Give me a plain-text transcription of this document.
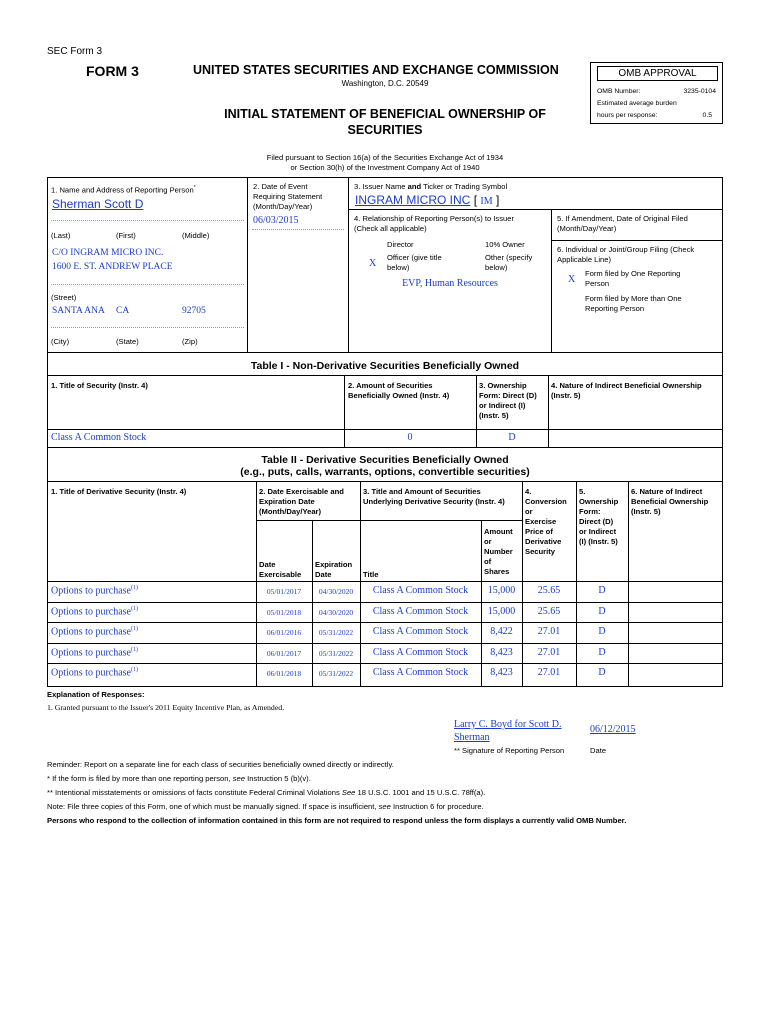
SEC Form 3
FORM 3	UNITED STATES SECURITIES AND EXCHANGE COMMISSION
Washington, D.C. 20549
INITIAL STATEMENT OF BENEFICIAL OWNERSHIP OF
SECURITIES
OMB APPROVAL
OMB Number:	3235-0104
Estimated average burden
hours per response:	0.5
Filed pursuant to Section 16(a) of the Securities Exchange Act of 1934
or Section 30(h) of the Investment Company Act of 1940
1. Name and Address of Reporting Person*
Sherman Scott D
(Last)	(First)	(Middle)
C/O INGRAM MICRO INC.
1600 E. ST. ANDREW PLACE
(Street)
SANTA ANA CA	92705
(City)	(State)	(Zip)
2. Date of Event
Requiring Statement
(Month/Day/Year)
06/03/2015
3. Issuer Name and Ticker or Trading Symbol
INGRAM MICRO INC [ IM ]
4. Relationship of Reporting Person(s) to Issuer
(Check all applicable)
Director	10% Owner
X
Officer (give title
below)
Other (specify
below)
EVP, Human Resources
5. If Amendment, Date of Original Filed
(Month/Day/Year)
6. Individual or Joint/Group Filing (Check
Applicable Line)
X
Form filed by One Reporting
Person
Form filed by More than One
Reporting Person
Table I - Non-Derivative Securities Beneficially Owned
1. Title of Security (Instr. 4)	2. Amount of Securities
Beneficially Owned (Instr. 4)
3. Ownership
Form: Direct (D)
or Indirect (I)
(Instr. 5)
4. Nature of Indirect Beneficial Ownership
(Instr. 5)
Class A Common Stock	0	D
Table II - Derivative Securities Beneficially Owned
(e.g., puts, calls, warrants, options, convertible securities)
1. Title of Derivative Security (Instr. 4)	2. Date Exercisable and
Expiration Date
(Month/Day/Year)
3. Title and Amount of Securities
Underlying Derivative Security (Instr. 4)
4.
Conversion
or
Exercise
Price of
Derivative
Security
5.
Ownership
Form:
Direct (D)
or Indirect
(I) (Instr. 5)
6. Nature of Indirect
Beneficial Ownership
(Instr. 5)
Date
Exercisable
Expiration
Date	Title
Amount
or
Number
of
Shares
Options to purchase$^{(1)}$	05/01/2017	04/30/2020	Class A Common Stock	15,000	25.65	D
Options to purchase$^{(1)}$	05/01/2018	04/30/2020	Class A Common Stock	15,000	25.65	D
Options to purchase$^{(1)}$	06/01/2016	05/31/2022	Class A Common Stock	8,422	27.01	D
Options to purchase$^{(1)}$	06/01/2017	05/31/2022	Class A Common Stock	8,423	27.01	D
Options to purchase$^{(1)}$	06/01/2018	05/31/2022	Class A Common Stock	8,423	27.01	D
Explanation of Responses:
1. Granted pursuant to the Issuer's 2011 Equity Incentive Plan, as Amended.
Larry C. Boyd for Scott D.
Sherman
06/12/2015
** Signature of Reporting Person	Date
Reminder: Report on a separate line for each class of securities beneficially owned directly or indirectly.
* If the form is filed by more than one reporting person, see Instruction 5 (b)(v).
** Intentional misstatements or omissions of facts constitute Federal Criminal Violations See 18 U.S.C. 1001 and 15 U.S.C. 78ff(a).
Note: File three copies of this Form, one of which must be manually signed. If space is insufficient, see Instruction 6 for procedure.
Persons who respond to the collection of information contained in this form are not required to respond unless the form displays a currently valid OMB Number.
